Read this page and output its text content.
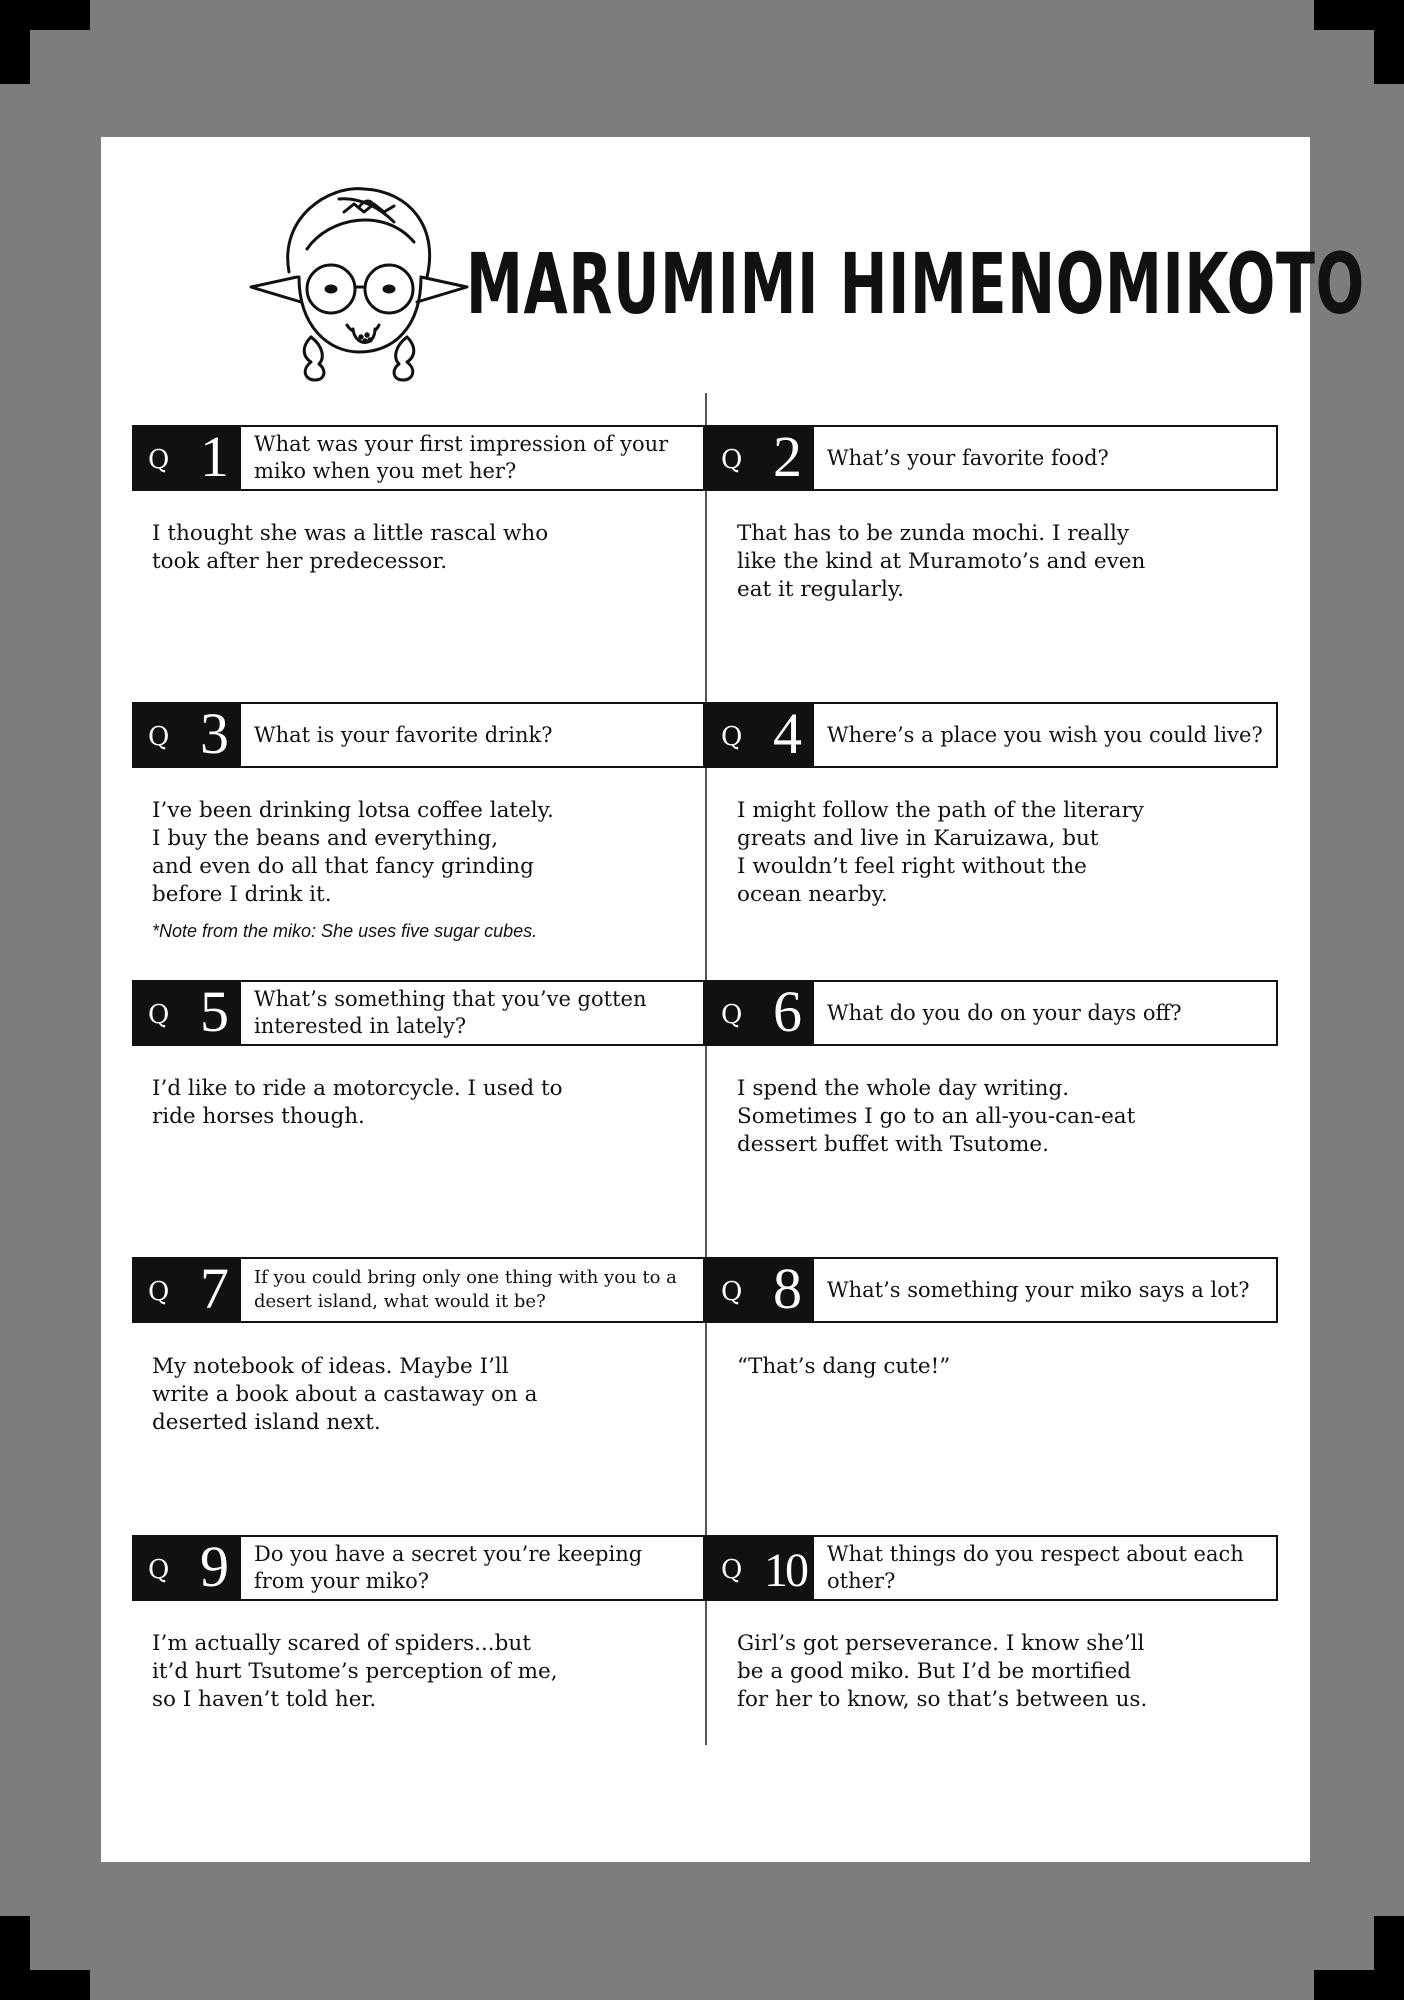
MARUMIMI HIMENOMIKOTO
Q 1 What was your first impression of your miko when you met her?
I thought she was a little rascal who
took after her predecessor.
Q 2 What’s your favorite food?
That has to be zunda mochi. I really
like the kind at Muramoto’s and even
eat it regularly.
Q 3 What is your favorite drink?
I’ve been drinking lotsa coffee lately.
I buy the beans and everything,
and even do all that fancy grinding
before I drink it.
*Note from the miko: She uses five sugar cubes.
Q 4 Where’s a place you wish you could live?
I might follow the path of the literary
greats and live in Karuizawa, but
I wouldn’t feel right without the
ocean nearby.
Q 5 What’s something that you’ve gotten interested in lately?
I’d like to ride a motorcycle. I used to
ride horses though.
Q 6 What do you do on your days off?
I spend the whole day writing.
Sometimes I go to an all-you-can-eat
dessert buffet with Tsutome.
Q 7 If you could bring only one thing with you to a desert island, what would it be?
My notebook of ideas. Maybe I’ll
write a book about a castaway on a
deserted island next.
Q 8 What’s something your miko says a lot?
“That’s dang cute!”
Q 9 Do you have a secret you’re keeping from your miko?
I’m actually scared of spiders...but
it’d hurt Tsutome’s perception of me,
so I haven’t told her.
Q 10 What things do you respect about each other?
Girl’s got perseverance. I know she’ll
be a good miko. But I’d be mortified
for her to know, so that’s between us.
